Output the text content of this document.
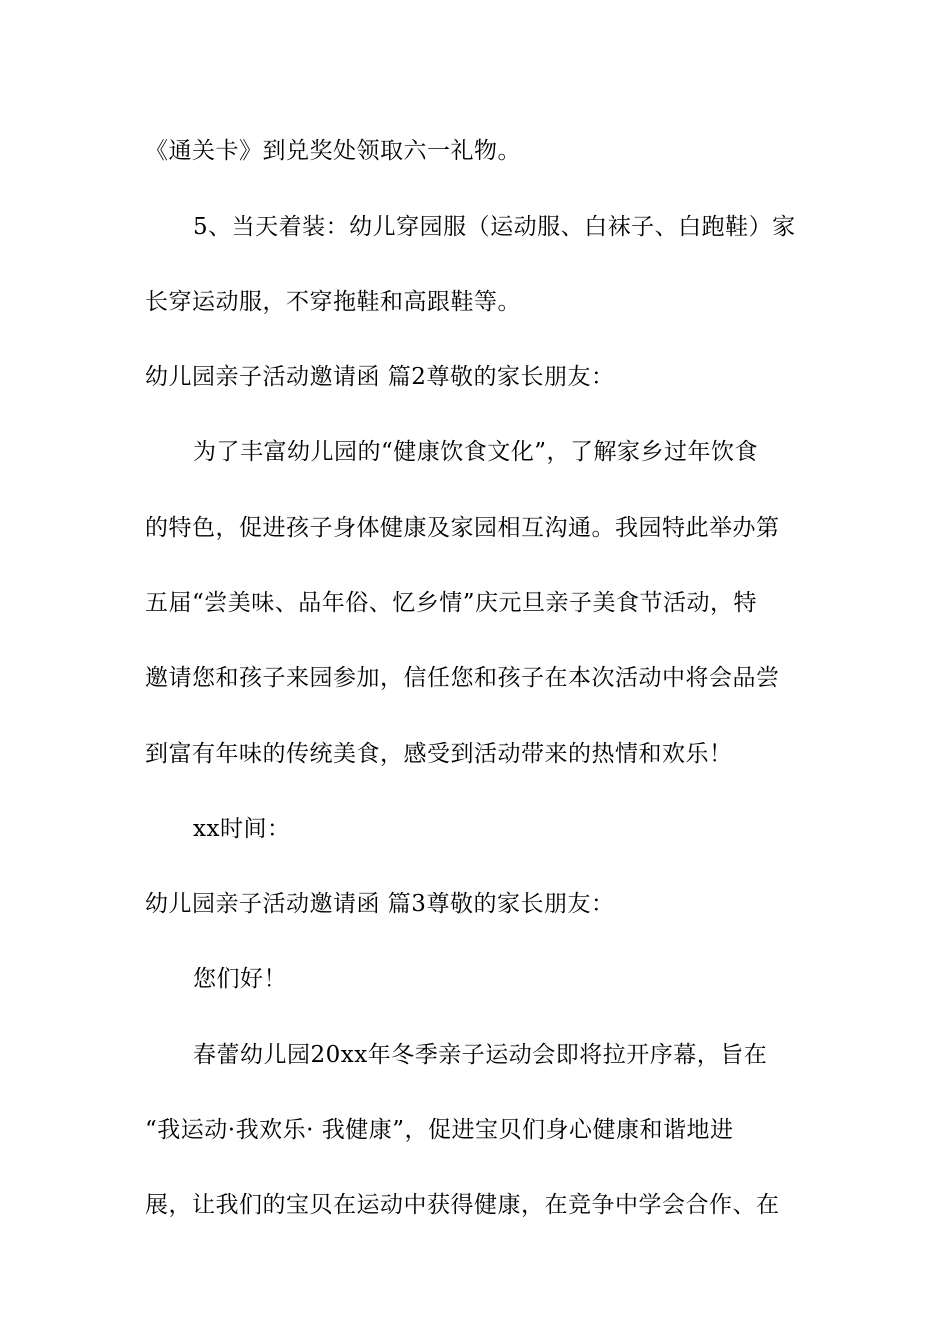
《通关卡》到兑奖处领取六一礼物。
5、当天着装：幼儿穿园服（运动服、白袜子、白跑鞋）家
长穿运动服，不穿拖鞋和高跟鞋等。
幼儿园亲子活动邀请函 篇2尊敬的家长朋友：
为了丰富幼儿园的“健康饮食文化”，了解家乡过年饮食
的特色，促进孩子身体健康及家园相互沟通。我园特此举办第
五届“尝美味、品年俗、忆乡情”庆元旦亲子美食节活动，特
邀请您和孩子来园参加，信任您和孩子在本次活动中将会品尝
到富有年味的传统美食，感受到活动带来的热情和欢乐！
xx时间：
幼儿园亲子活动邀请函 篇3尊敬的家长朋友：
您们好！
春蕾幼儿园20xx年冬季亲子运动会即将拉开序幕，旨在
“我运动·我欢乐· 我健康”，促进宝贝们身心健康和谐地进
展，让我们的宝贝在运动中获得健康，在竞争中学会合作、在
